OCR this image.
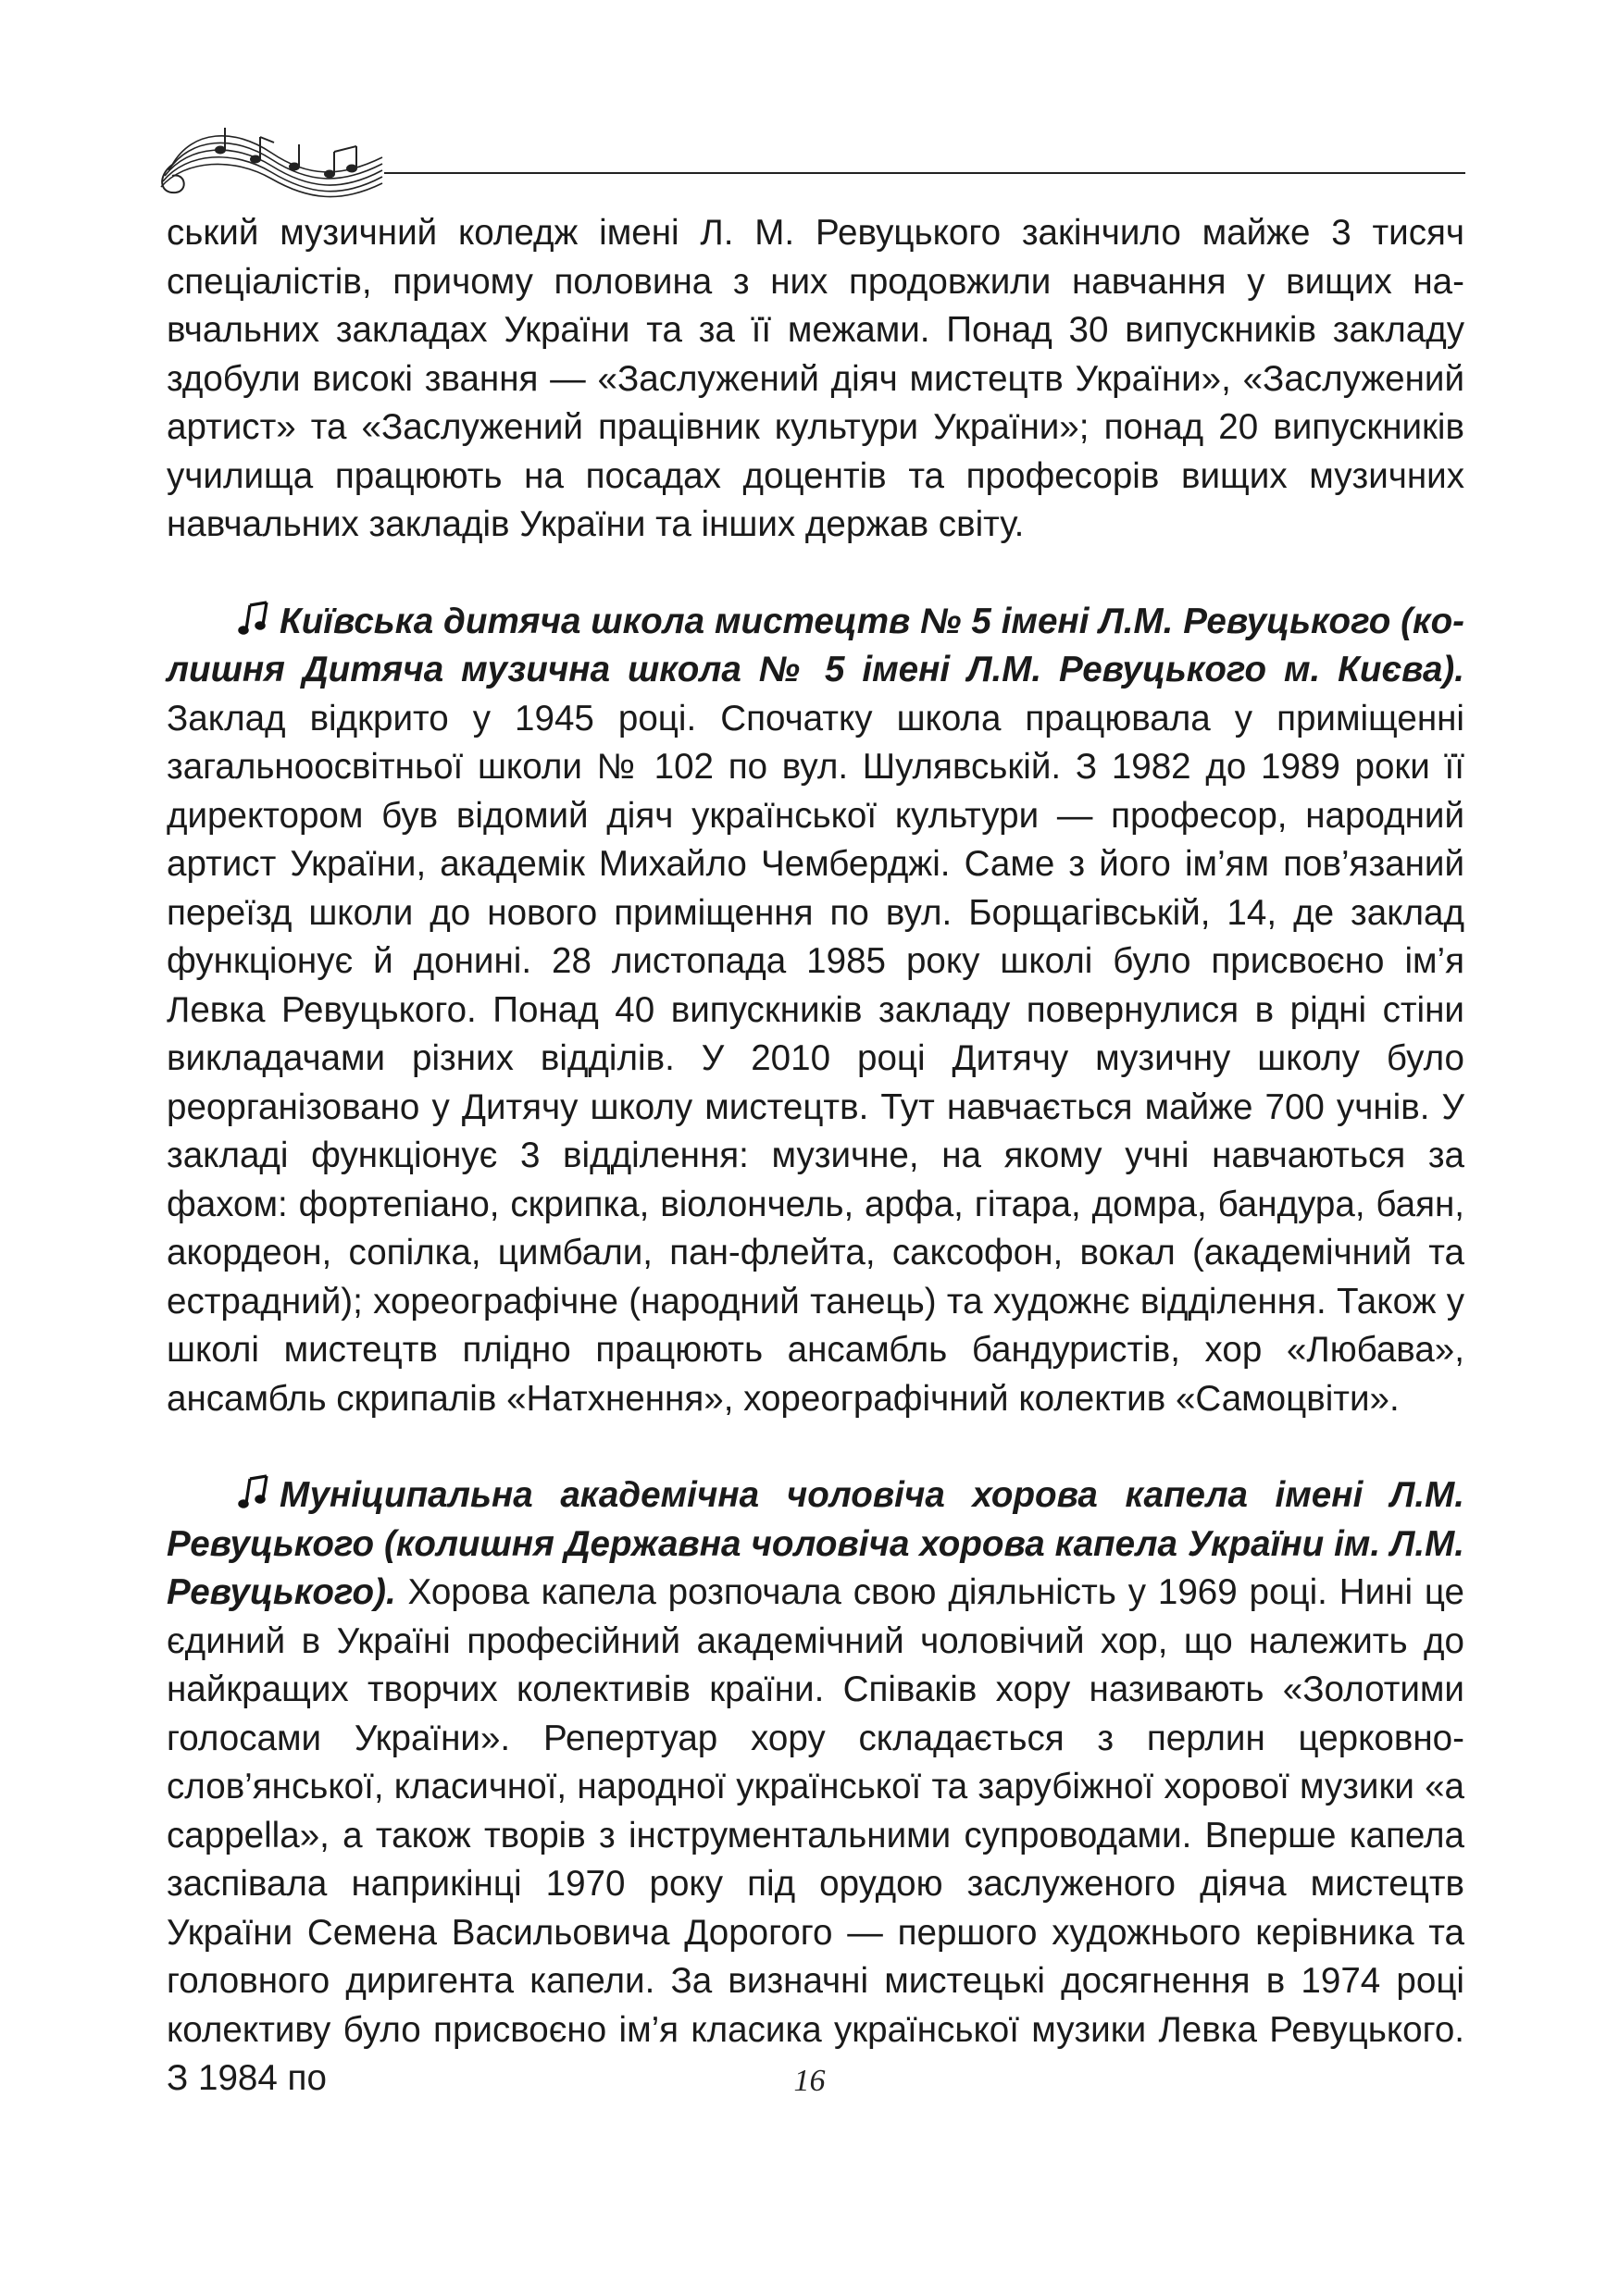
ський музичний коледж імені Л. М. Ревуцького закінчило майже 3 тисяч спеціалістів, причому половина з них продовжили навчання у вищих навчальних закладах України та за її межами. Понад 30 випускників закладу здобули високі звання — «Заслужений діяч мистецтв України», «Заслужений артист» та «Заслужений працівник культури України»; понад 20 випускників училища працюють на посадах доцентів та професорів вищих музичних навчальних закладів України та інших держав світу.

Київська дитяча школа мистецтв № 5 імені Л.М. Ревуцького (колишня Дитяча музична школа № 5 імені Л.М. Ревуцького м. Києва). Заклад відкрито у 1945 році. Спочатку школа працювала у приміщенні загальноосвітньої школи № 102 по вул. Шулявській. З 1982 до 1989 роки її директором був відомий діяч української культури — професор, народний артист України, академік Михайло Чемберджі. Саме з його ім’ям пов’язаний переїзд школи до нового приміщення по вул. Борщагівській, 14, де заклад функціонує й донині. 28 листопада 1985 року школі було присвоєно ім’я Левка Ревуцького. Понад 40 випускників закладу повернулися в рідні стіни викладачами різних відділів. У 2010 році Дитячу музичну школу було реорганізовано у Дитячу школу мистецтв. Тут навчається майже 700 учнів. У закладі функціонує 3 відділення: музичне, на якому учні навчаються за фахом: фортепіано, скрипка, віолончель, арфа, гітара, домра, бандура, баян, акордеон, сопілка, цимбали, пан-флейта, саксофон, вокал (академічний та естрадний); хореографічне (народний танець) та художнє відділення. Також у школі мистецтв плідно працюють ансамбль бандуристів, хор «Любава», ансамбль скрипалів «Натхнення», хореографічний колектив «Самоцвіти».

Муніципальна академічна чоловіча хорова капела імені Л.М. Ревуцького (колишня Державна чоловіча хорова капела України ім. Л.М. Ревуцького). Хорова капела розпочала свою діяльність у 1969 році. Нині це єдиний в Україні професійний академічний чоловічий хор, що належить до найкращих творчих колективів країни. Співаків хору називають «Золотими голосами України». Репертуар хору складається з перлин церковно-слов’янської, класичної, народної української та зарубіжної хорової музики «a cappella», а також творів з інструментальними супроводами. Вперше капела заспівала наприкінці 1970 року під орудою заслуженого діяча мистецтв України Семена Васильовича Дорогого — першого художнього керівника та головного диригента капели. За визначні мистецькі досягнення в 1974 році колективу було присвоєно ім’я класика української музики Левка Ревуцького. З 1984 по	16
